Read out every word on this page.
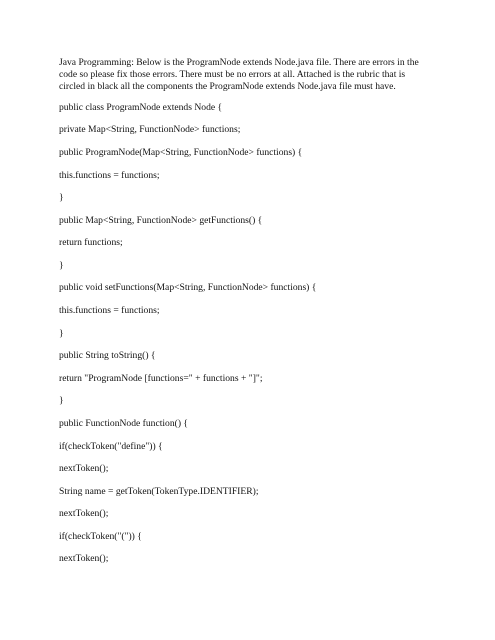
Java Programming: Below is the ProgramNode extends Node.java file. There are errors in the
code so please fix those errors. There must be no errors at all. Attached is the rubric that is
circled in black all the components the ProgramNode extends Node.java file must have.

public class ProgramNode extends Node {

private Map<String, FunctionNode> functions;

public ProgramNode(Map<String, FunctionNode> functions) {

this.functions = functions;

}

public Map<String, FunctionNode> getFunctions() {

return functions;

}

public void setFunctions(Map<String, FunctionNode> functions) {

this.functions = functions;

}

public String toString() {

return "ProgramNode [functions=" + functions + "]";

}

public FunctionNode function() {

if(checkToken("define")) {

nextToken();

String name = getToken(TokenType.IDENTIFIER);

nextToken();

if(checkToken("(")) {

nextToken();
